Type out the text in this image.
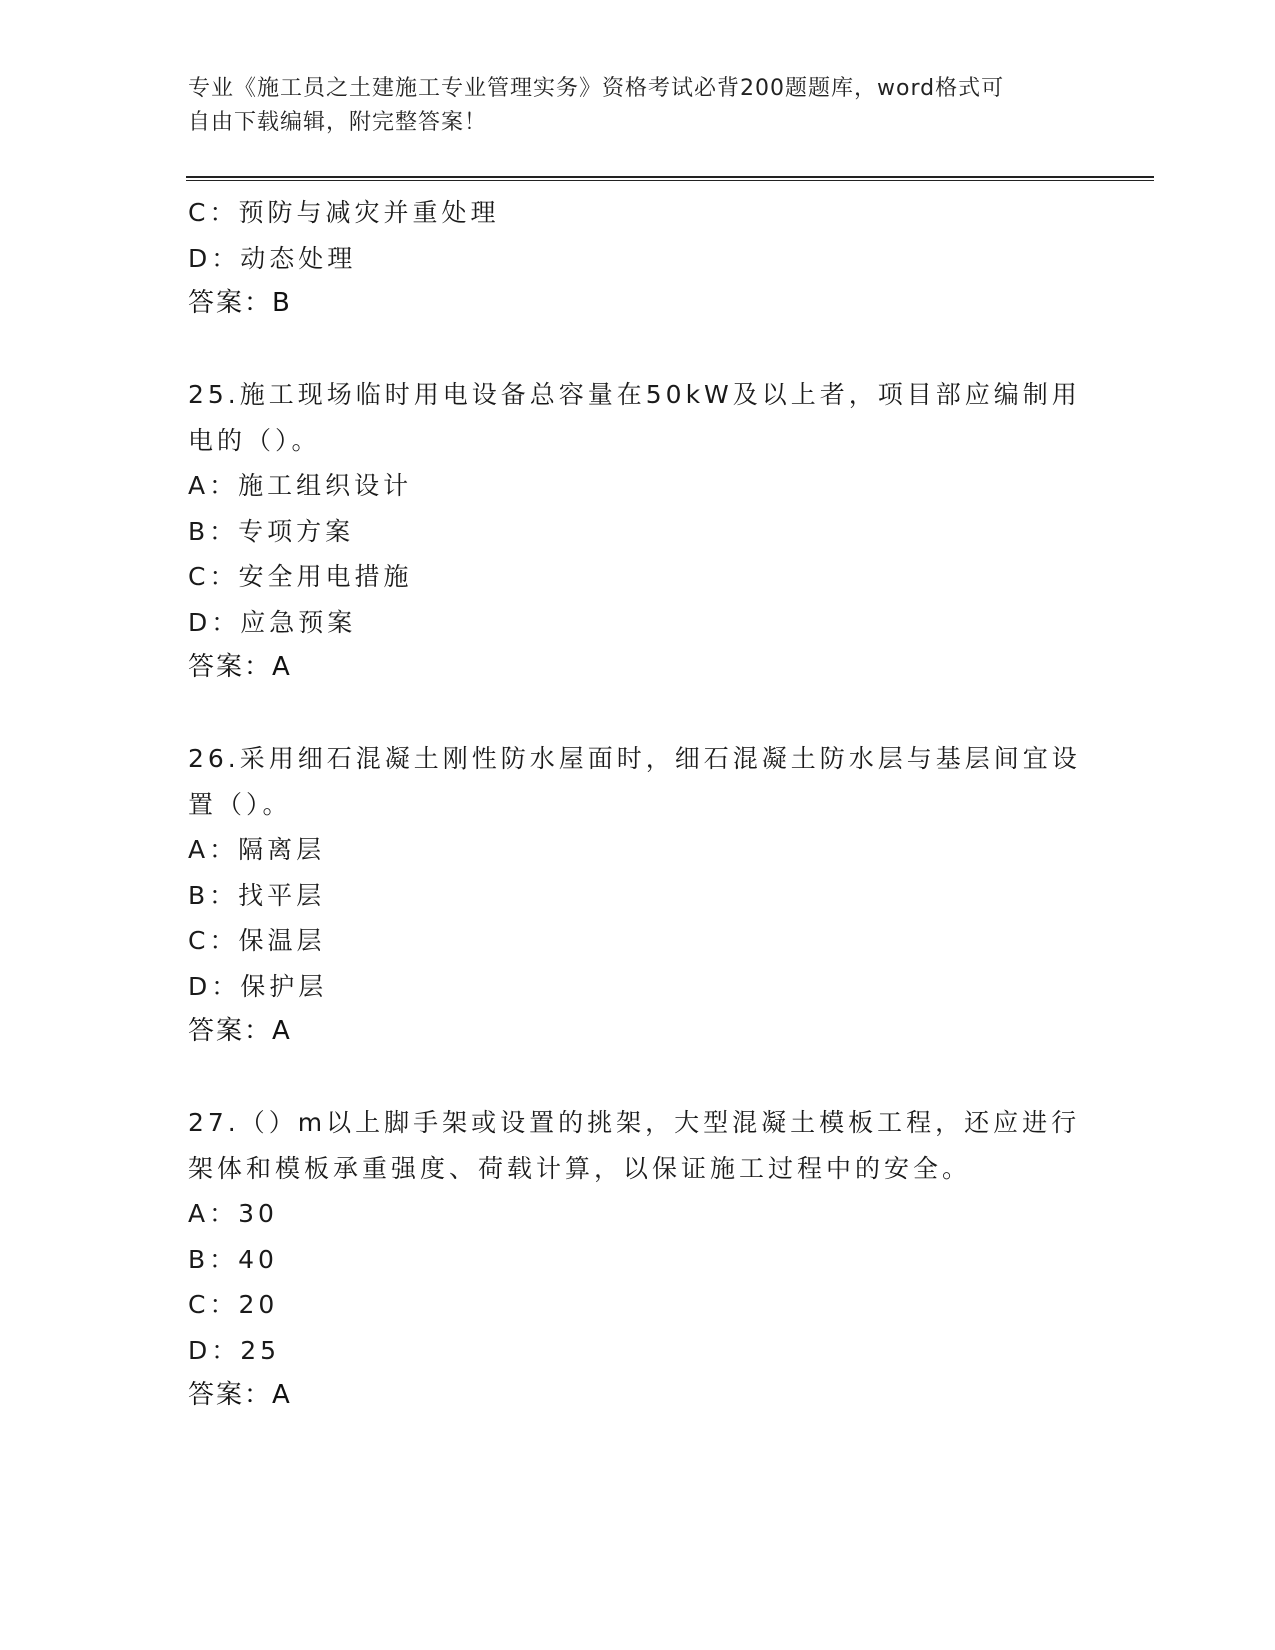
专业《施工员之土建施工专业管理实务》资格考试必背200题题库，word格式可
自由下载编辑，附完整答案！
C：预防与减灾并重处理
D：动态处理
答案：B
25.施工现场临时用电设备总容量在50kW及以上者，项目部应编制用
电的（）。
A：施工组织设计
B：专项方案
C：安全用电措施
D：应急预案
答案：A
26.采用细石混凝土刚性防水屋面时，细石混凝土防水层与基层间宜设
置（）。
A：隔离层
B：找平层
C：保温层
D：保护层
答案：A
27.（）m以上脚手架或设置的挑架，大型混凝土模板工程，还应进行
架体和模板承重强度、荷载计算，以保证施工过程中的安全。
A：30
B：40
C：20
D：25
答案：A
